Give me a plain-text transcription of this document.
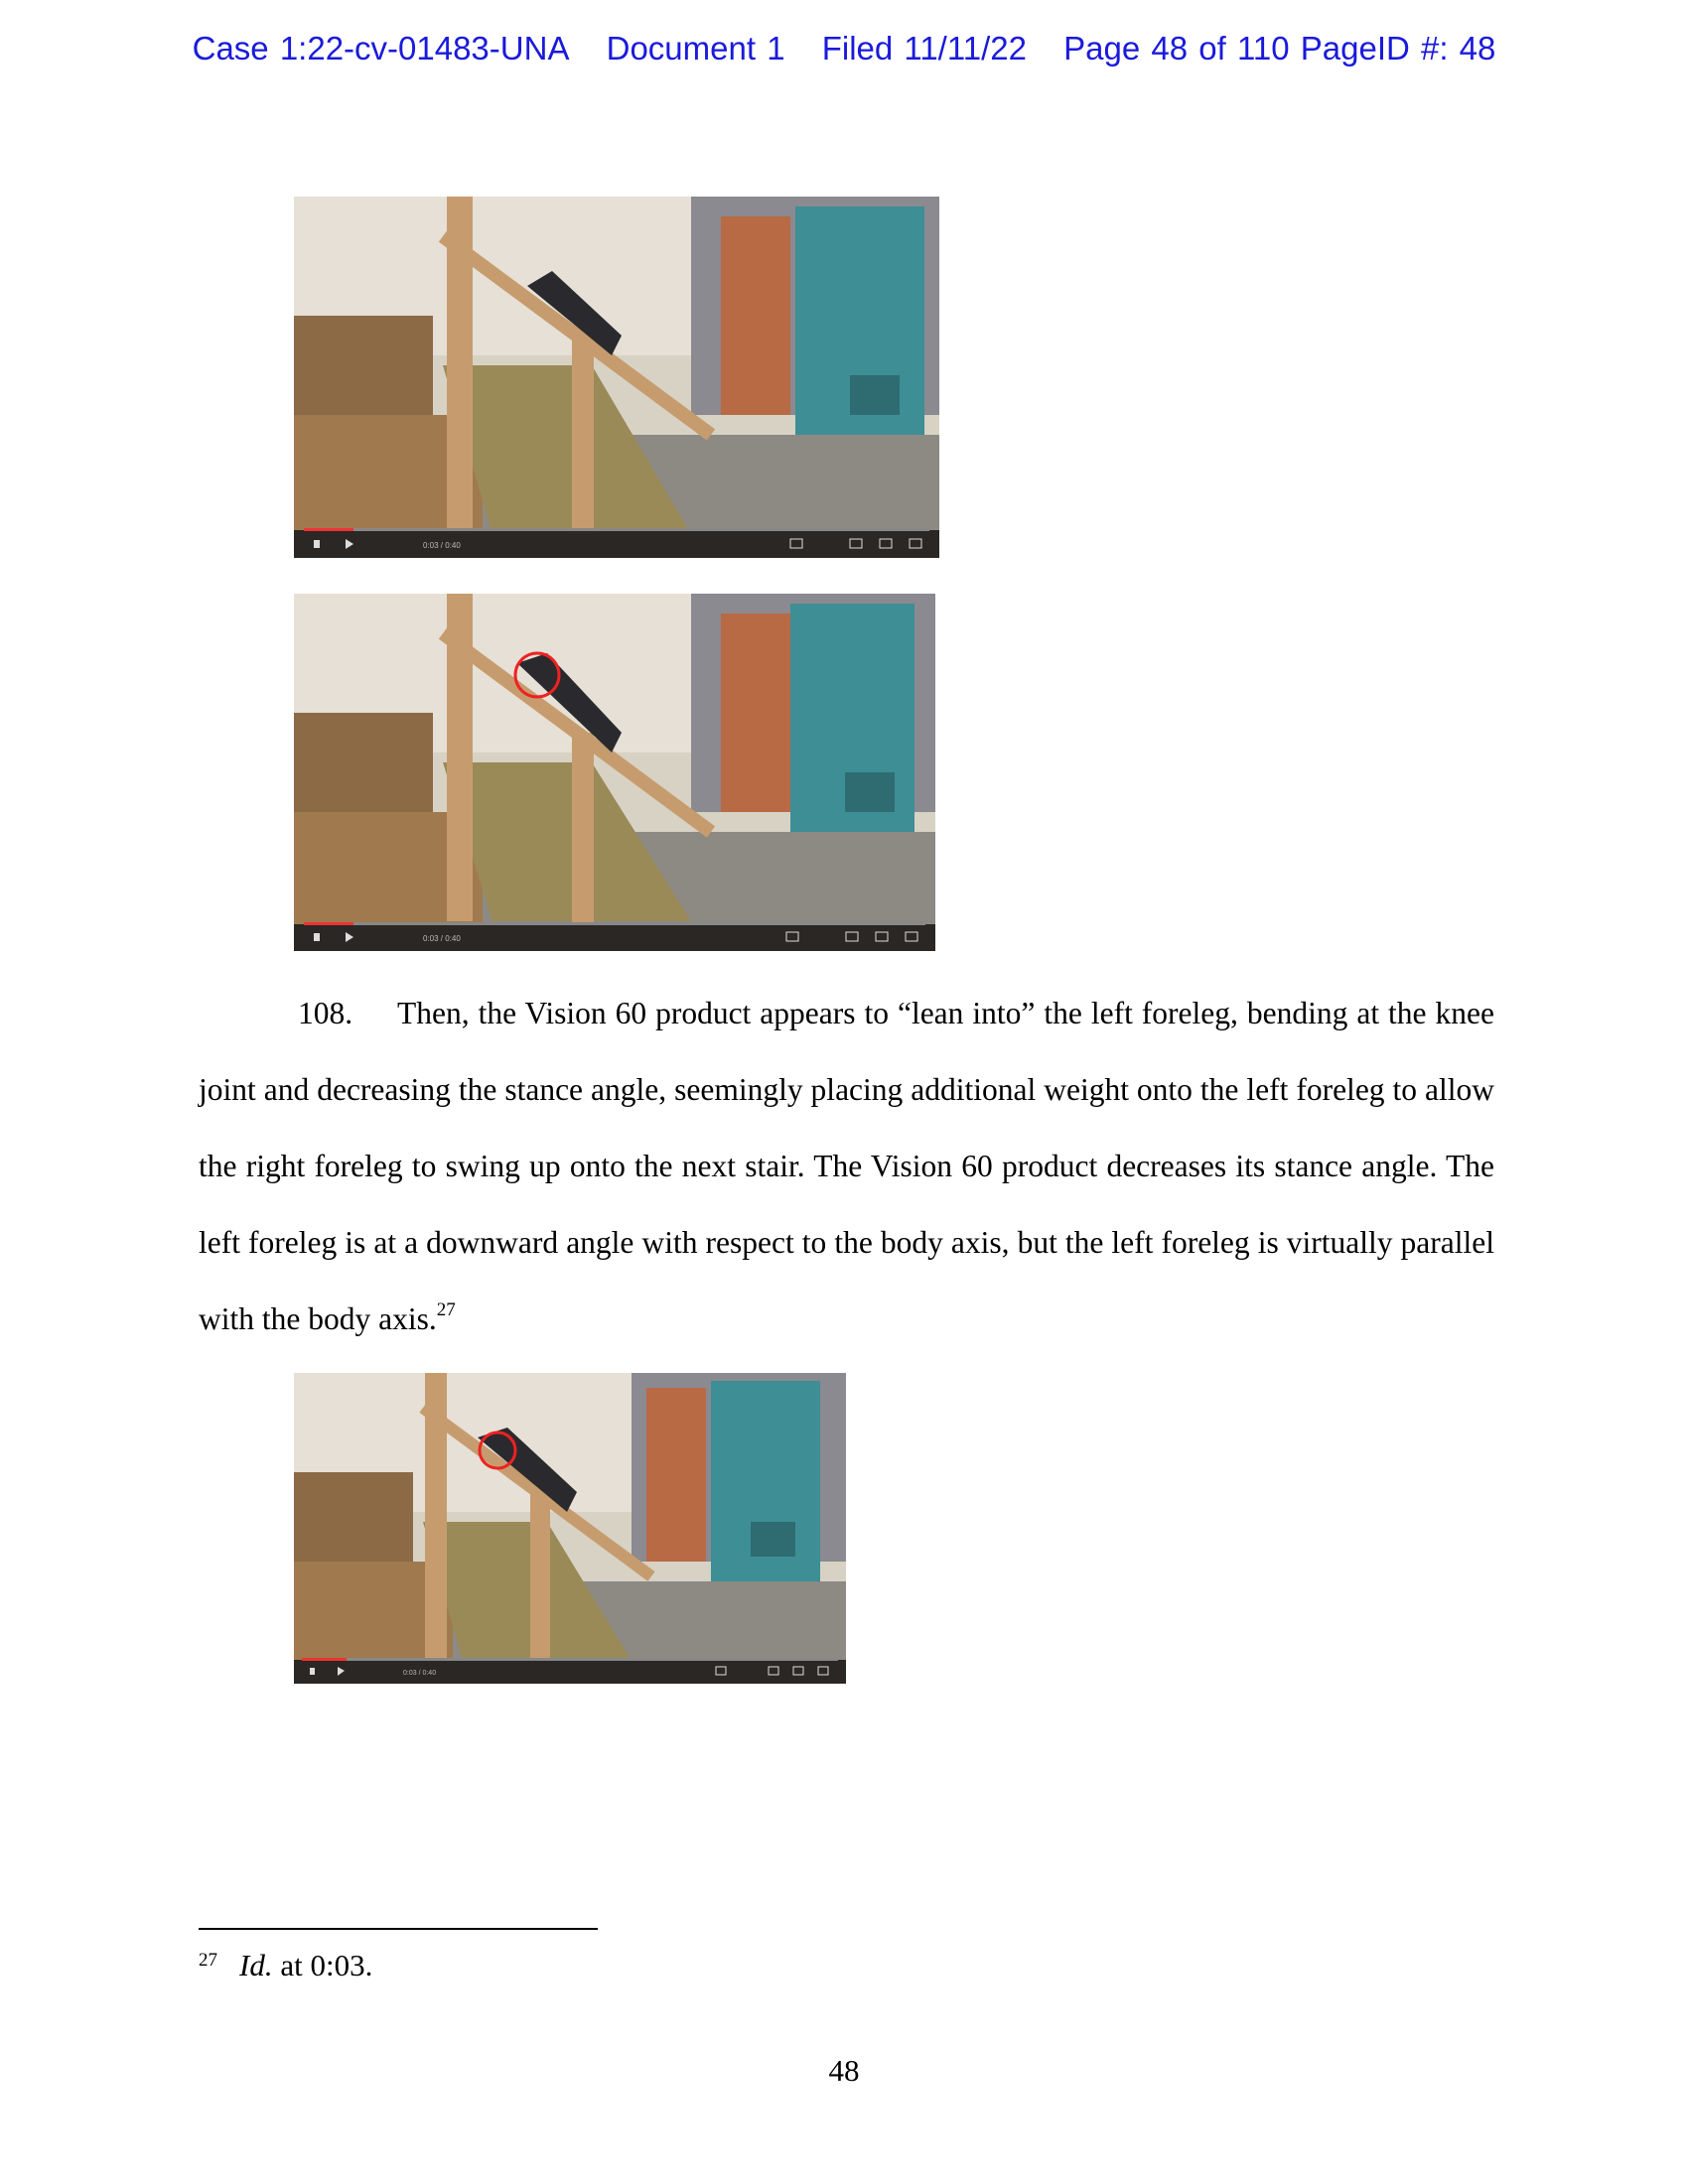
Case 1:22-cv-01483-UNA Document 1 Filed 11/11/22 Page 48 of 110 PageID #: 48
0:03 / 0:40
0:03 / 0:40
108. Then, the Vision 60 product appears to “lean into” the left foreleg, bending at the knee joint and decreasing the stance angle, seemingly placing additional weight onto the left foreleg to allow the right foreleg to swing up onto the next stair. The Vision 60 product decreases its stance angle. The left foreleg is at a downward angle with respect to the body axis, but the left foreleg is virtually parallel with the body axis.$^{27}$
0:03 / 0:40
$^{27}$ Id. at 0:03.
48
